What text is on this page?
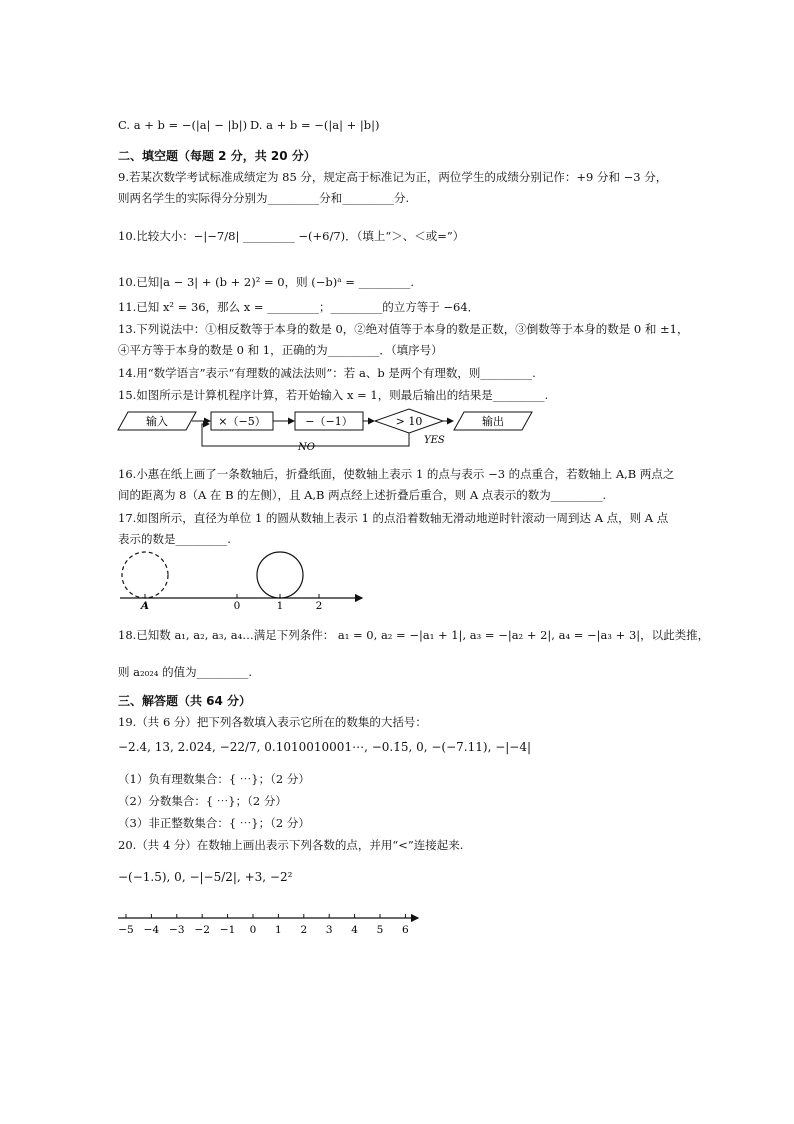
C. a + b = −(|a| − |b|) D. a + b = −(|a| + |b|)
二、填空题（每题 2 分，共 20 分）
9.若某次数学考试标准成绩定为 85 分，规定高于标准记为正，两位学生的成绩分别记作：+9 分和 −3 分，
则两名学生的实际得分分别为_________分和_________分.
10.比较大小：−|−7/8| _________ −(+6/7)．（填上“＞、＜或=”）
10.已知|a − 3| + (b + 2)² = 0，则 (−b)ᵃ = _________.
11.已知 x² = 36，那么 x = _________；_________的立方等于 −64．
13.下列说法中：①相反数等于本身的数是 0，②绝对值等于本身的数是正数，③倒数等于本身的数是 0 和 ±1，
④平方等于本身的数是 0 和 1，正确的为_________．（填序号）
14.用“数学语言”表示“有理数的减法法则”：若 a、b 是两个有理数，则_________.
15.如图所示是计算机程序计算，若开始输入 x = 1，则最后输出的结果是_________.
输入	×（−5）	−（−1）	> 10
YES
输出
NO
16.小惠在纸上画了一条数轴后，折叠纸面，使数轴上表示 1 的点与表示 −3 的点重合，若数轴上 A,B 两点之
间的距离为 8（A 在 B 的左侧），且 A,B 两点经上述折叠后重合，则 A 点表示的数为_________.
17.如图所示，直径为单位 1 的圆从数轴上表示 1 的点沿着数轴无滑动地逆时针滚动一周到达 A 点，则 A 点
表示的数是_________.
A	0	1	2
18.已知数 a₁, a₂, a₃, a₄…满足下列条件： a₁ = 0, a₂ = −|a₁ + 1|, a₃ = −|a₂ + 2|, a₄ = −|a₃ + 3|，以此类推，
则 a₂₀₂₄ 的值为_________.
三、解答题（共 64 分）
19.（共 6 分）把下列各数填入表示它所在的数集的大括号：
−2.4, 13, 2.024, −22/7, 0.1010010001⋯, −0.1̇5̇, 0, −(−7.11), −|−4|
（1）负有理数集合：{ ⋯}；（2 分）
（2）分数集合：{ ⋯}；（2 分）
（3）非正整数集合：{ ⋯}；（2 分）
20.（共 4 分）在数轴上画出表示下列各数的点，并用“<”连接起来.
−(−1.5), 0, −|−5/2|, +3, −2²
−5 −4 −3 −2 −1 0 1 2 3 4 5 6
